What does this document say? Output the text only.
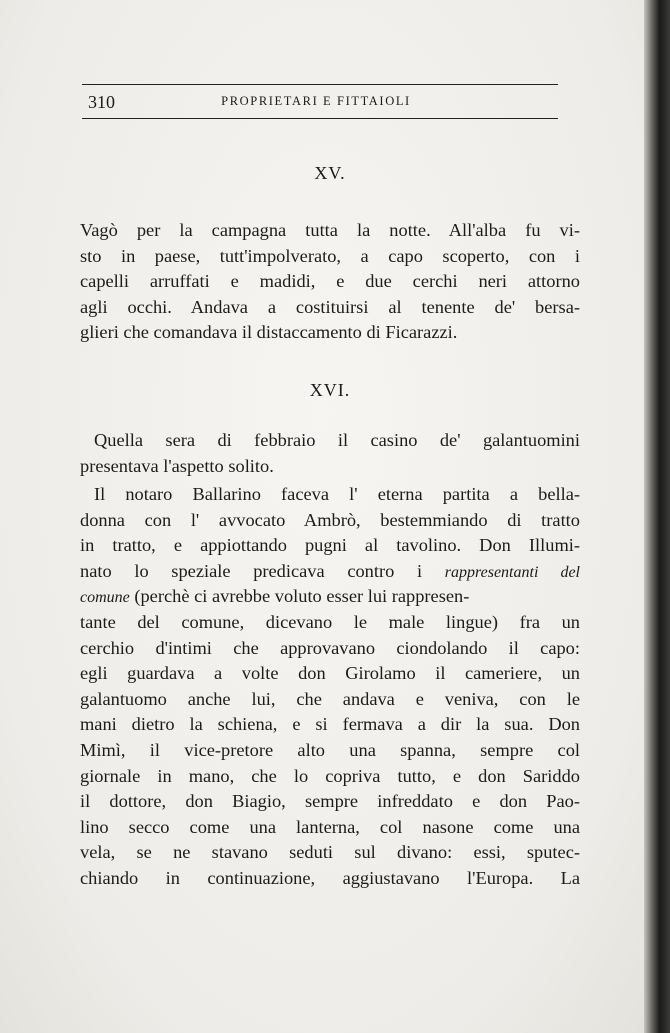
310	PROPRIETARI E FITTAIOLI
XV.
Vagò per la campagna tutta la notte. All'alba fu vi-
sto in paese, tutt'impolverato, a capo scoperto, con i
capelli arruffati e madidi, e due cerchi neri attorno
agli occhi. Andava a costituirsi al tenente de' bersa-
glieri che comandava il distaccamento di Ficarazzi.
XVI.
Quella sera di febbraio il casino de' galantuomini
presentava l'aspetto solito.
Il notaro Ballarino faceva l' eterna partita a bella-
donna con l' avvocato Ambrò, bestemmiando di tratto
in tratto, e appiottando pugni al tavolino. Don Illumi-
nato lo speziale predicava contro i rappresentanti del
comune (perchè ci avrebbe voluto esser lui rappresen-
tante del comune, dicevano le male lingue) fra un
cerchio d'intimi che approvavano ciondolando il capo:
egli guardava a volte don Girolamo il cameriere, un
galantuomo anche lui, che andava e veniva, con le
mani dietro la schiena, e si fermava a dir la sua. Don
Mimì, il vice-pretore alto una spanna, sempre col
giornale in mano, che lo copriva tutto, e don Sariddo
il dottore, don Biagio, sempre infreddato e don Pao-
lino secco come una lanterna, col nasone come una
vela, se ne stavano seduti sul divano: essi, sputec-
chiando in continuazione, aggiustavano l'Europa. La
